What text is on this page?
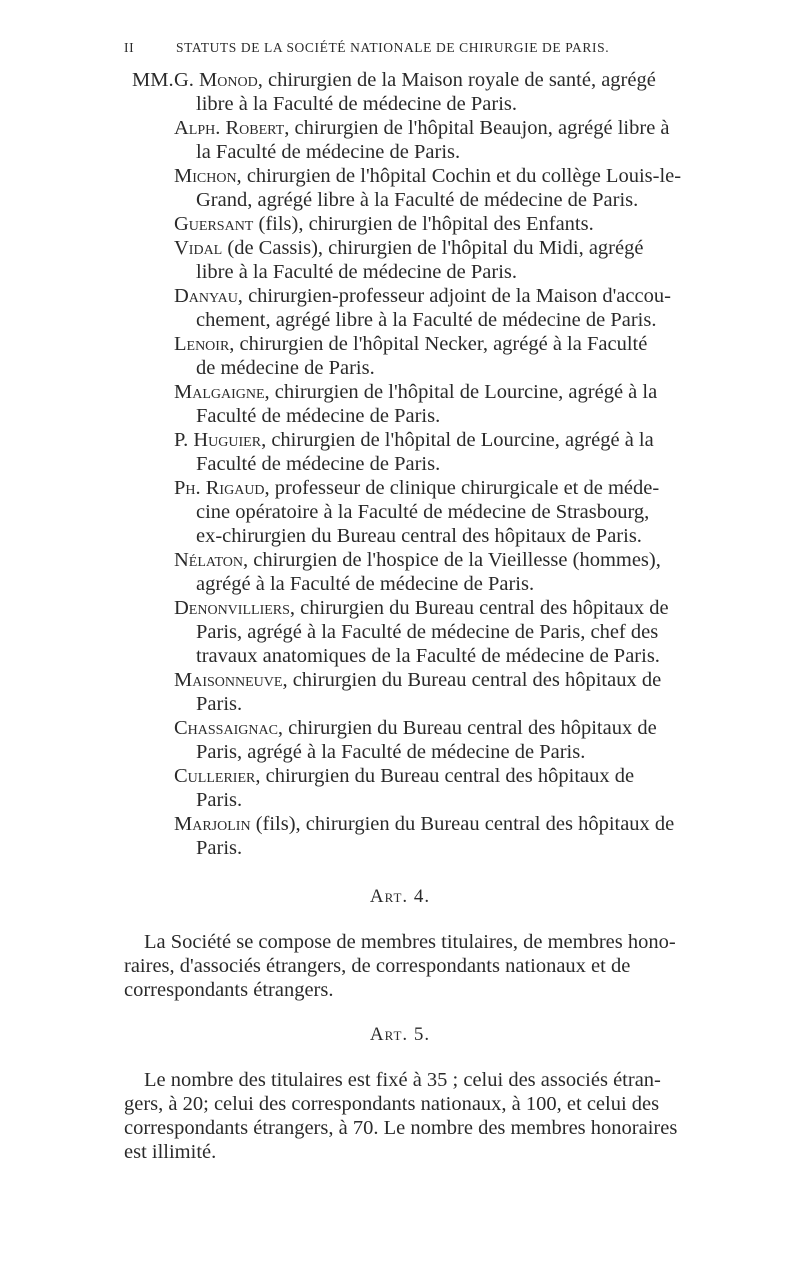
II	STATUTS DE LA SOCIÉTÉ NATIONALE DE CHIRURGIE DE PARIS.
MM. G. Monod, chirurgien de la Maison royale de santé, agrégé
libre à la Faculté de médecine de Paris.
Alph. Robert, chirurgien de l'hôpital Beaujon, agrégé libre à
la Faculté de médecine de Paris.
Michon, chirurgien de l'hôpital Cochin et du collège Louis-le-
Grand, agrégé libre à la Faculté de médecine de Paris.
Guersant (fils), chirurgien de l'hôpital des Enfants.
Vidal (de Cassis), chirurgien de l'hôpital du Midi, agrégé
libre à la Faculté de médecine de Paris.
Danyau, chirurgien-professeur adjoint de la Maison d'accou-
chement, agrégé libre à la Faculté de médecine de Paris.
Lenoir, chirurgien de l'hôpital Necker, agrégé à la Faculté
de médecine de Paris.
Malgaigne, chirurgien de l'hôpital de Lourcine, agrégé à la
Faculté de médecine de Paris.
P. Huguier, chirurgien de l'hôpital de Lourcine, agrégé à la
Faculté de médecine de Paris.
Ph. Rigaud, professeur de clinique chirurgicale et de méde-
cine opératoire à la Faculté de médecine de Strasbourg,
ex-chirurgien du Bureau central des hôpitaux de Paris.
Nélaton, chirurgien de l'hospice de la Vieillesse (hommes),
agrégé à la Faculté de médecine de Paris.
Denonvilliers, chirurgien du Bureau central des hôpitaux de
Paris, agrégé à la Faculté de médecine de Paris, chef des
travaux anatomiques de la Faculté de médecine de Paris.
Maisonneuve, chirurgien du Bureau central des hôpitaux de
Paris.
Chassaignac, chirurgien du Bureau central des hôpitaux de
Paris, agrégé à la Faculté de médecine de Paris.
Cullerier, chirurgien du Bureau central des hôpitaux de
Paris.
Marjolin (fils), chirurgien du Bureau central des hôpitaux de
Paris.
Art. 4.
La Société se compose de membres titulaires, de membres hono-
raires, d'associés étrangers, de correspondants nationaux et de
correspondants étrangers.
Art. 5.
Le nombre des titulaires est fixé à 35 ; celui des associés étran-
gers, à 20; celui des correspondants nationaux, à 100, et celui des
correspondants étrangers, à 70. Le nombre des membres honoraires
est illimité.
